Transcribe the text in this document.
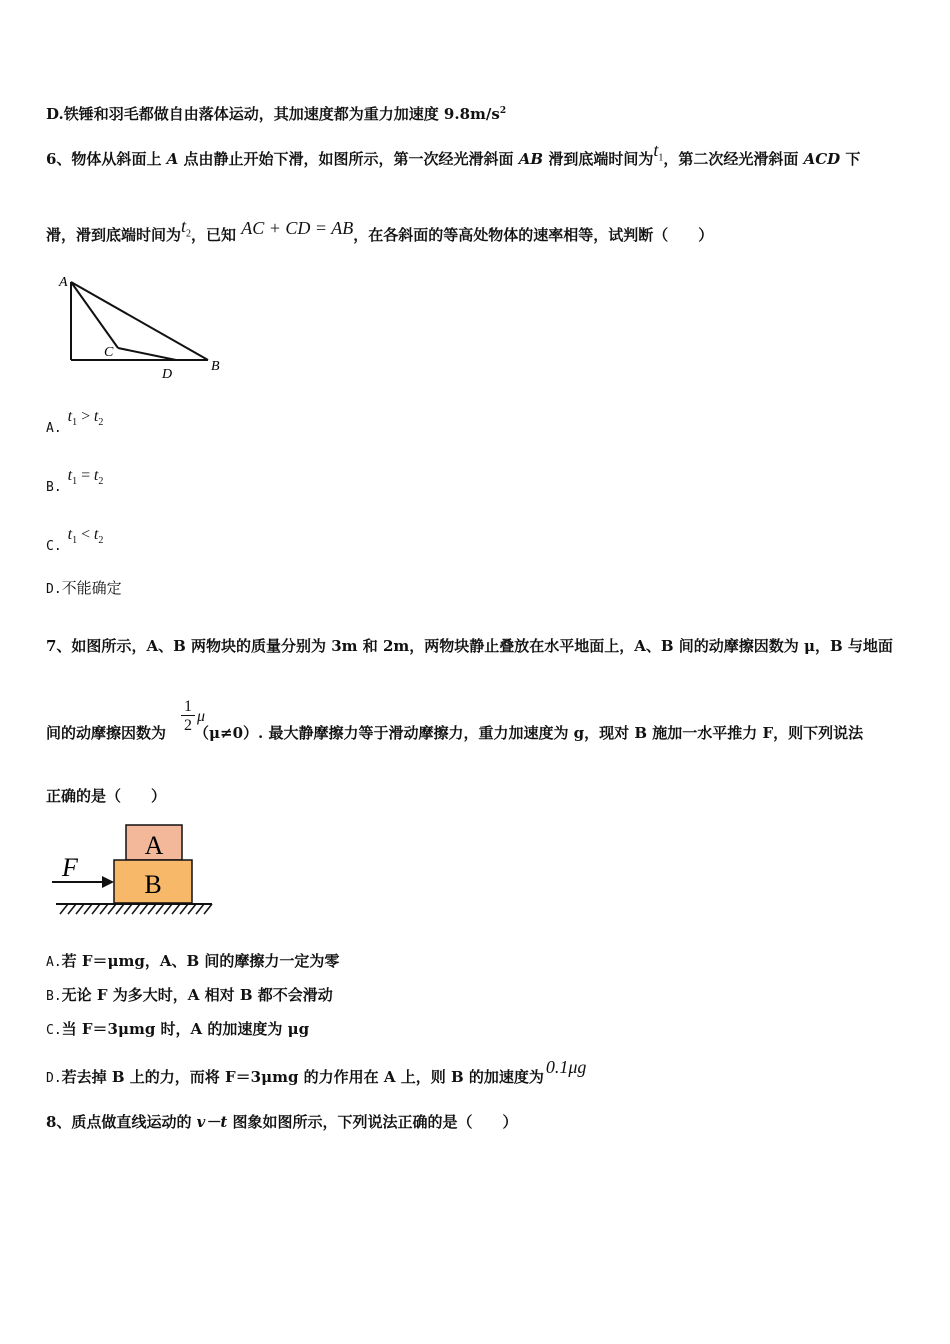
D.铁锤和羽毛都做自由落体运动，其加速度都为重力加速度 $9.8m/s^2$
6、物体从斜面上 A 点由静止开始下滑，如图所示，第一次经光滑斜面 AB 滑到底端时间为$t_1$，第二次经光滑斜面 ACD 下
滑，滑到底端时间为$t_2$，已知 AC + CD = AB，在各斜面的等高处物体的速率相等，试判断（　　）
A
C
D
B
$A.t_1 > t_2$
$B.t_1 = t_2$
$C.t_1 < t_2$
D.不能确定
7、如图所示，A、B 两物块的质量分别为 3m 和 2m，两物块静止叠放在水平地面上，A、B 间的动摩擦因数为 μ，B 与地面
1
2
μ
间的动摩擦因数为 （μ≠0）. 最大静摩擦力等于滑动摩擦力，重力加速度为 g，现对 B 施加一水平推力 F，则下列说法
正确的是（　　）
A
B
F
A.若 F＝μmg，A、B 间的摩擦力一定为零
B.无论 F 为多大时，A 相对 B 都不会滑动
C.当 F＝3μmg 时，A 的加速度为 μg
D.若去掉 B 上的力，而将 F＝3μmg 的力作用在 A 上，则 B 的加速度为 0.1μg
8、质点做直线运动的 v－t 图象如图所示，下列说法正确的是（　　）
